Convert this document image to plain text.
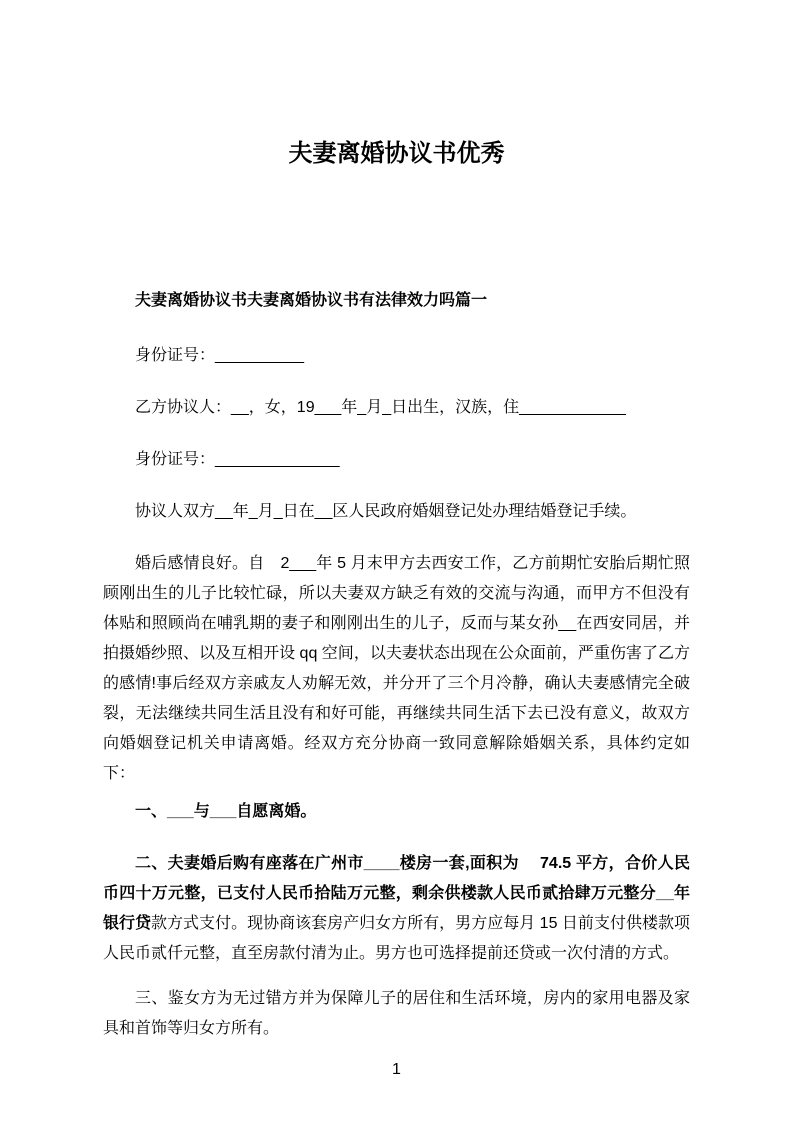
夫妻离婚协议书优秀

夫妻离婚协议书夫妻离婚协议书有法律效力吗篇一

身份证号：__________

乙方协议人：__，女，19___年_月_日出生，汉族，住____________

身份证号：______________

协议人双方__年_月_日在__区人民政府婚姻登记处办理结婚登记手续。

婚后感情良好。自　2___年 5 月末甲方去西安工作，乙方前期忙安胎后期忙照顾刚出生的儿子比较忙碌，所以夫妻双方缺乏有效的交流与沟通，而甲方不但没有体贴和照顾尚在哺乳期的妻子和刚刚出生的儿子，反而与某女孙__在西安同居，并拍摄婚纱照、以及互相开设 qq 空间，以夫妻状态出现在公众面前，严重伤害了乙方的感情!事后经双方亲戚友人劝解无效，并分开了三个月冷静，确认夫妻感情完全破裂，无法继续共同生活且没有和好可能，再继续共同生活下去已没有意义，故双方向婚姻登记机关申请离婚。经双方充分协商一致同意解除婚姻关系，具体约定如下：

一、___与___自愿离婚。

二、夫妻婚后购有座落在广州市____楼房一套,面积为　 74.5 平方，合价人民币四十万元整，已支付人民币拾陆万元整，剩余供楼款人民币贰拾肆万元整分__年银行贷款方式支付。现协商该套房产归女方所有，男方应每月 15 日前支付供楼款项人民币贰仟元整，直至房款付清为止。男方也可选择提前还贷或一次付清的方式。

三、鉴女方为无过错方并为保障儿子的居住和生活环境，房内的家用电器及家具和首饰等归女方所有。

1
